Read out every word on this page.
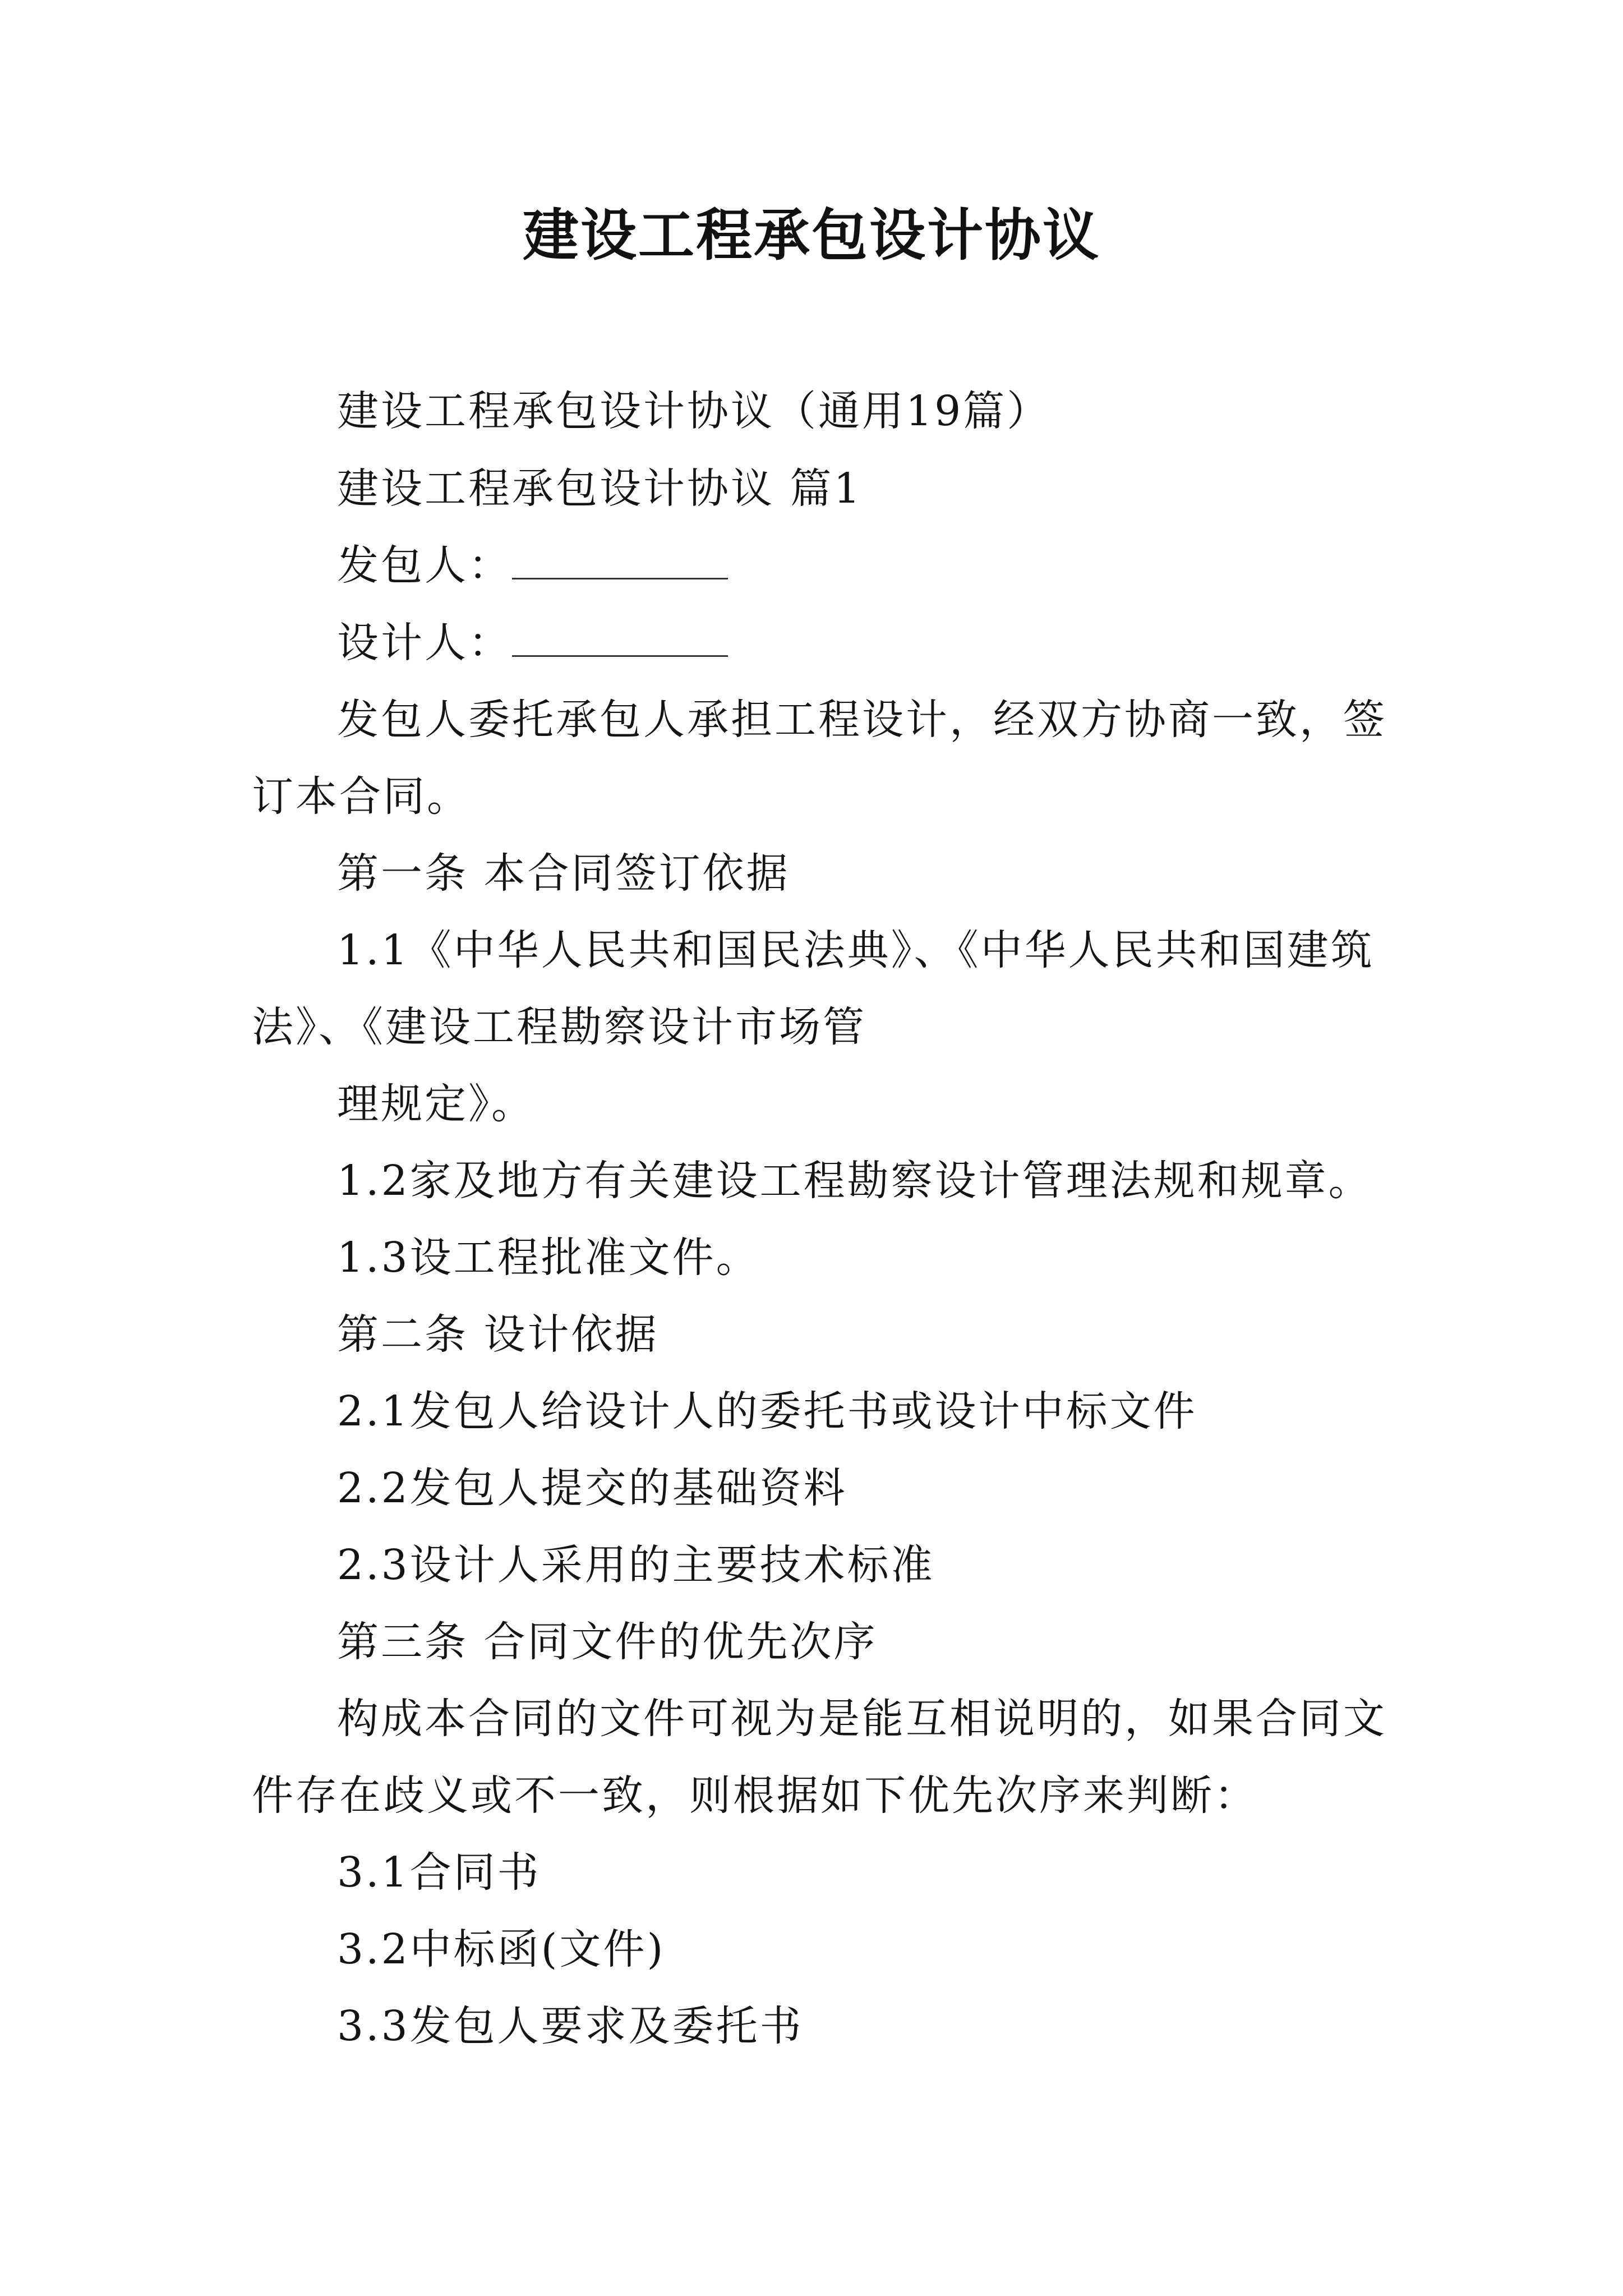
建设工程承包设计协议

建设工程承包设计协议（通用19篇）

建设工程承包设计协议 篇1

发包人：

设计人：

发包人委托承包人承担工程设计，经双方协商一致，签

订本合同。

第一条 本合同签订依据

1.1《中华人民共和国民法典》、《中华人民共和国建筑

法》、《建设工程勘察设计市场管

理规定》。

1.2家及地方有关建设工程勘察设计管理法规和规章。

1.3设工程批准文件。

第二条 设计依据

2.1发包人给设计人的委托书或设计中标文件

2.2发包人提交的基础资料

2.3设计人采用的主要技术标准

第三条 合同文件的优先次序

构成本合同的文件可视为是能互相说明的，如果合同文

件存在歧义或不一致，则根据如下优先次序来判断：

3.1合同书

3.2中标函(文件)

3.3发包人要求及委托书
